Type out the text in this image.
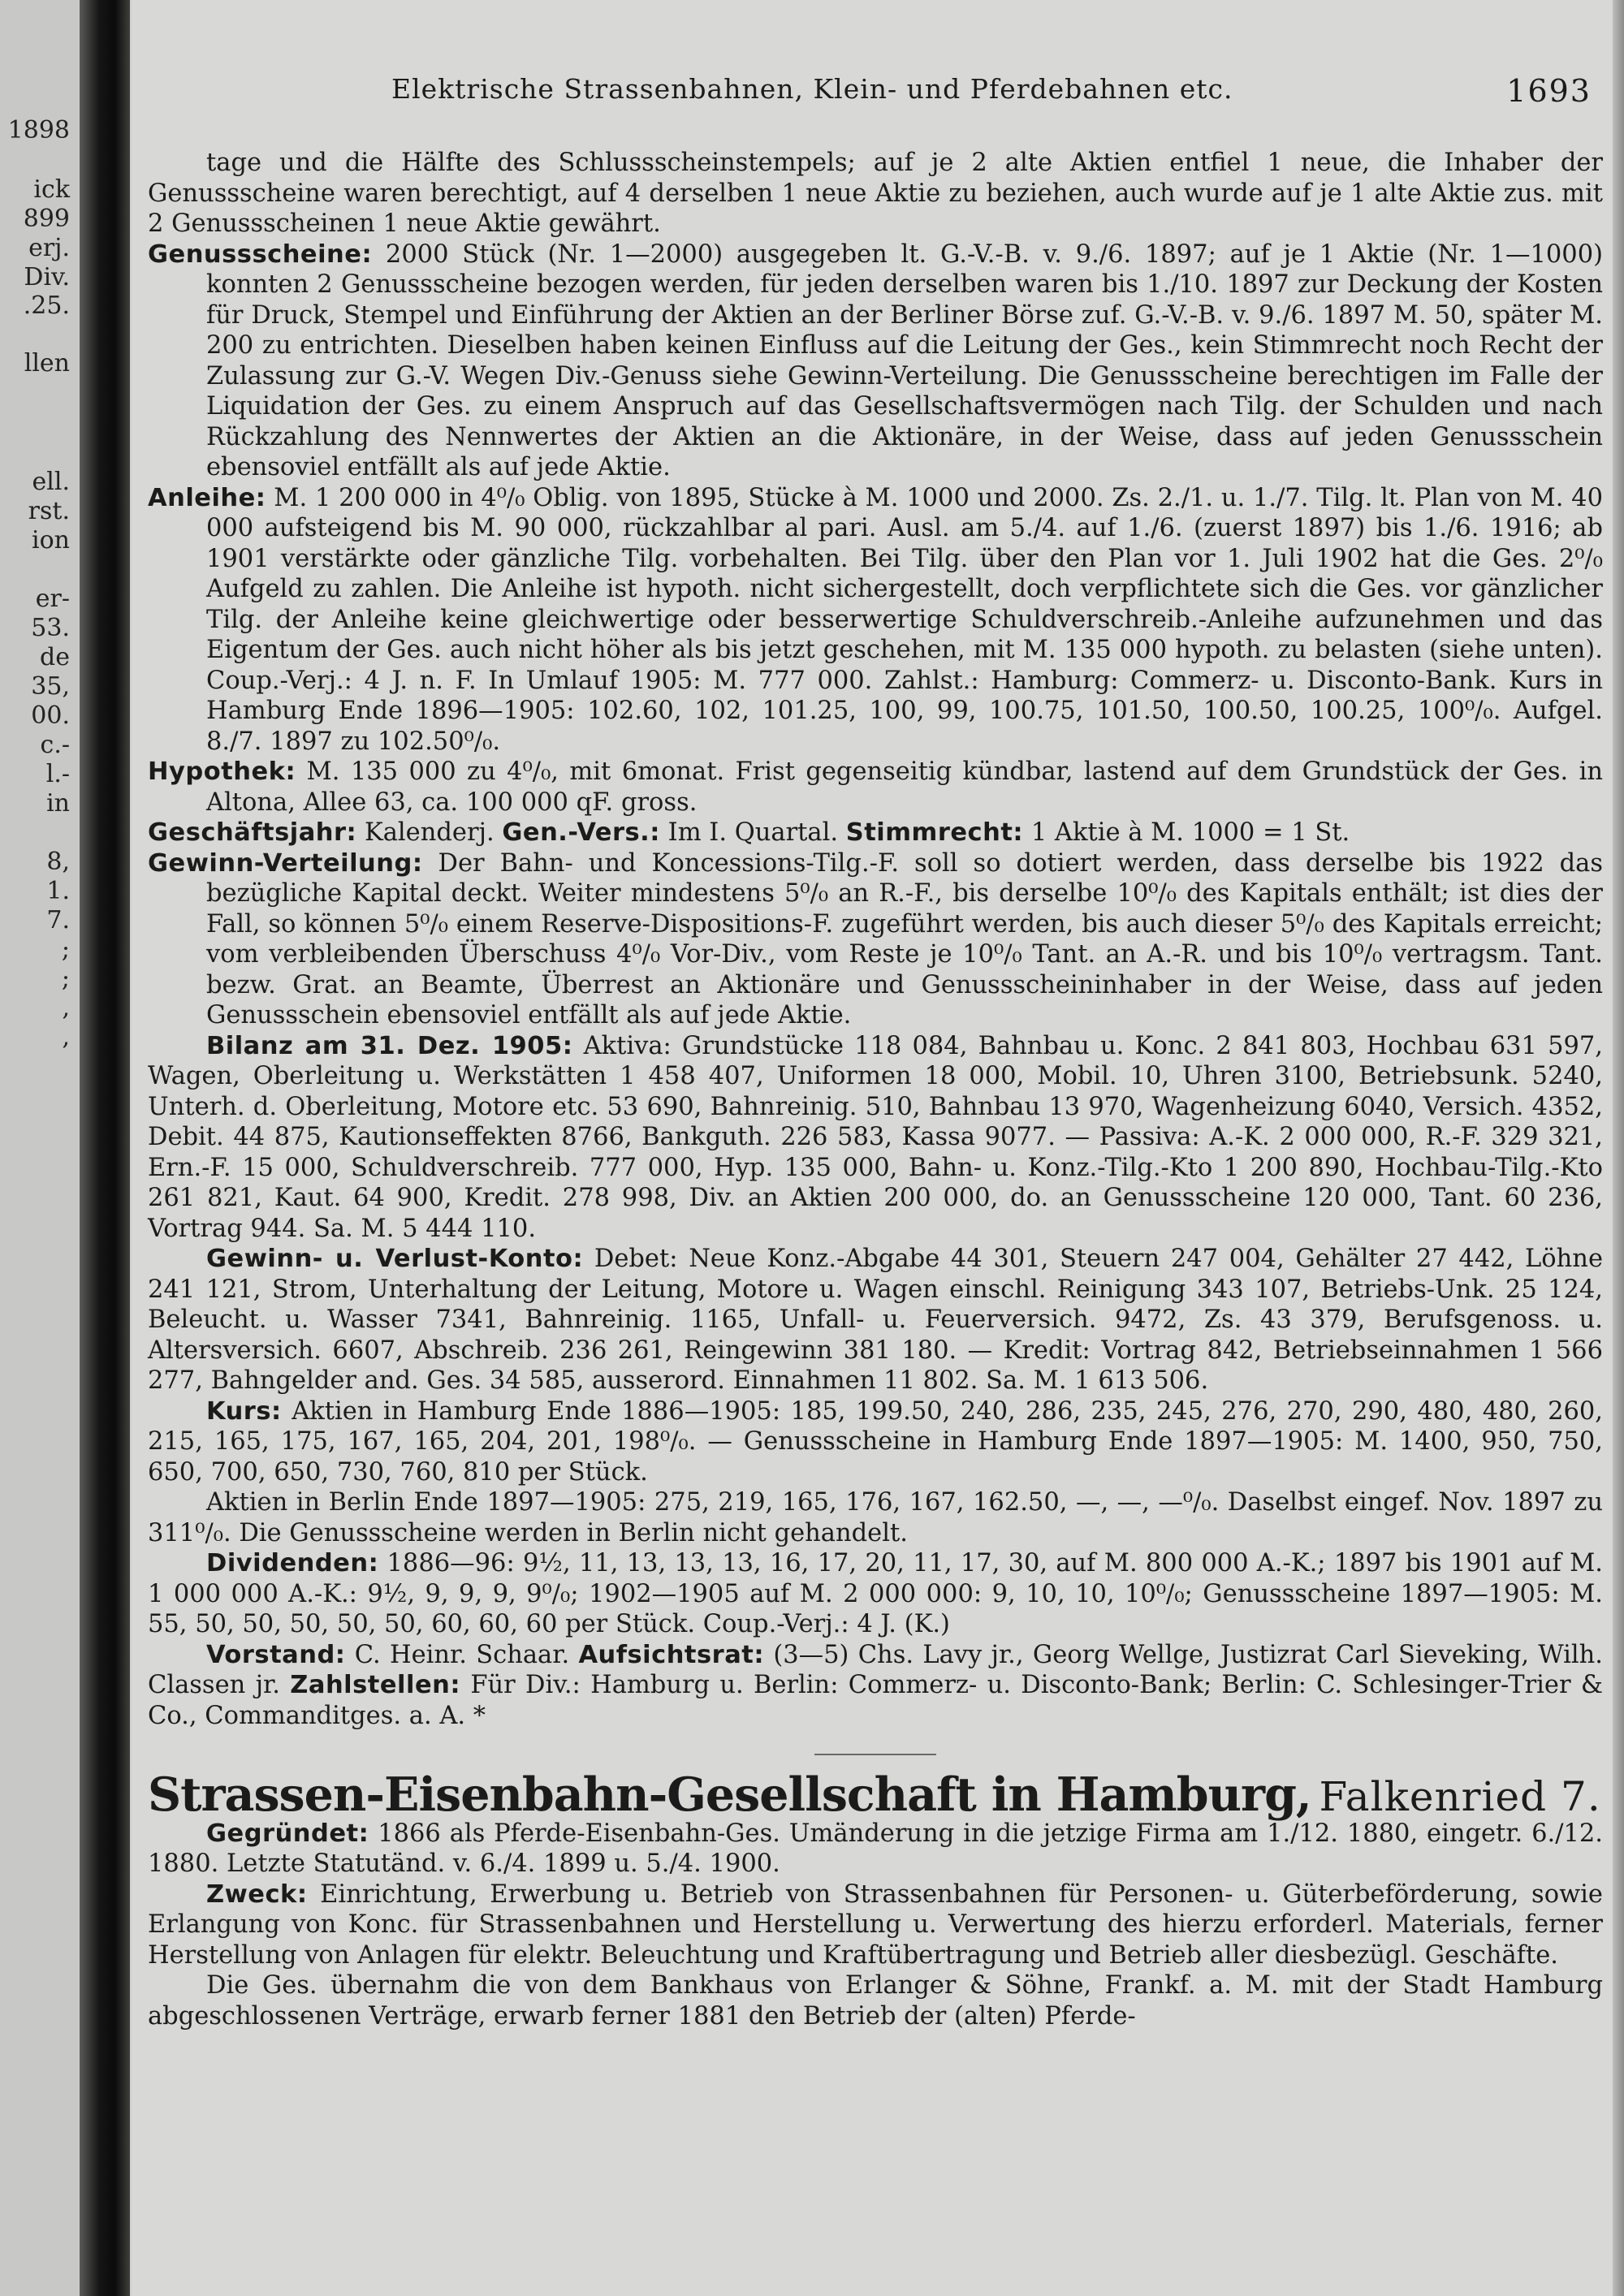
1898
ick
899
erj.
Div.
.25.
llen
ell.
rst.
ion
er-
53.
de
35,
00.
c.-
l.-
in
8,
1.
7.
;
;
,
,
Elektrische Strassenbahnen, Klein- und Pferdebahnen etc.	1693

tage und die Hälfte des Schlussscheinstempels; auf je 2 alte Aktien entfiel 1 neue, die Inhaber der Genussscheine waren berechtigt, auf 4 derselben 1 neue Aktie zu beziehen, auch wurde auf je 1 alte Aktie zus. mit 2 Genussscheinen 1 neue Aktie gewährt.

Genussscheine: 2000 Stück (Nr. 1—2000) ausgegeben lt. G.-V.-B. v. 9./6. 1897; auf je 1 Aktie (Nr. 1—1000) konnten 2 Genussscheine bezogen werden, für jeden derselben waren bis 1./10. 1897 zur Deckung der Kosten für Druck, Stempel und Einführung der Aktien an der Berliner Börse zuf. G.-V.-B. v. 9./6. 1897 M. 50, später M. 200 zu entrichten. Dieselben haben keinen Einfluss auf die Leitung der Ges., kein Stimmrecht noch Recht der Zulassung zur G.-V. Wegen Div.-Genuss siehe Gewinn-Verteilung. Die Genussscheine berechtigen im Falle der Liquidation der Ges. zu einem Anspruch auf das Gesellschaftsvermögen nach Tilg. der Schulden und nach Rückzahlung des Nennwertes der Aktien an die Aktionäre, in der Weise, dass auf jeden Genussschein ebensoviel entfällt als auf jede Aktie.

Anleihe: M. 1 200 000 in 4⁰/₀ Oblig. von 1895, Stücke à M. 1000 und 2000. Zs. 2./1. u. 1./7. Tilg. lt. Plan von M. 40 000 aufsteigend bis M. 90 000, rückzahlbar al pari. Ausl. am 5./4. auf 1./6. (zuerst 1897) bis 1./6. 1916; ab 1901 verstärkte oder gänzliche Tilg. vorbehalten. Bei Tilg. über den Plan vor 1. Juli 1902 hat die Ges. 2⁰/₀ Aufgeld zu zahlen. Die Anleihe ist hypoth. nicht sichergestellt, doch verpflichtete sich die Ges. vor gänzlicher Tilg. der Anleihe keine gleichwertige oder besserwertige Schuldverschreib.-Anleihe aufzunehmen und das Eigentum der Ges. auch nicht höher als bis jetzt geschehen, mit M. 135 000 hypoth. zu belasten (siehe unten). Coup.-Verj.: 4 J. n. F. In Umlauf 1905: M. 777 000. Zahlst.: Hamburg: Commerz- u. Disconto-Bank. Kurs in Hamburg Ende 1896—1905: 102.60, 102, 101.25, 100, 99, 100.75, 101.50, 100.50, 100.25, 100⁰/₀. Aufgel. 8./7. 1897 zu 102.50⁰/₀.

Hypothek: M. 135 000 zu 4⁰/₀, mit 6monat. Frist gegenseitig kündbar, lastend auf dem Grundstück der Ges. in Altona, Allee 63, ca. 100 000 qF. gross.

Geschäftsjahr: Kalenderj. Gen.-Vers.: Im I. Quartal. Stimmrecht: 1 Aktie à M. 1000 = 1 St.

Gewinn-Verteilung: Der Bahn- und Koncessions-Tilg.-F. soll so dotiert werden, dass derselbe bis 1922 das bezügliche Kapital deckt. Weiter mindestens 5⁰/₀ an R.-F., bis derselbe 10⁰/₀ des Kapitals enthält; ist dies der Fall, so können 5⁰/₀ einem Reserve-Dispositions-F. zugeführt werden, bis auch dieser 5⁰/₀ des Kapitals erreicht; vom verbleibenden Überschuss 4⁰/₀ Vor-Div., vom Reste je 10⁰/₀ Tant. an A.-R. und bis 10⁰/₀ vertragsm. Tant. bezw. Grat. an Beamte, Überrest an Aktionäre und Genussscheininhaber in der Weise, dass auf jeden Genussschein ebensoviel entfällt als auf jede Aktie.

Bilanz am 31. Dez. 1905: Aktiva: Grundstücke 118 084, Bahnbau u. Konc. 2 841 803, Hochbau 631 597, Wagen, Oberleitung u. Werkstätten 1 458 407, Uniformen 18 000, Mobil. 10, Uhren 3100, Betriebsunk. 5240, Unterh. d. Oberleitung, Motore etc. 53 690, Bahnreinig. 510, Bahnbau 13 970, Wagenheizung 6040, Versich. 4352, Debit. 44 875, Kautionseffekten 8766, Bankguth. 226 583, Kassa 9077. — Passiva: A.-K. 2 000 000, R.-F. 329 321, Ern.-F. 15 000, Schuldverschreib. 777 000, Hyp. 135 000, Bahn- u. Konz.-Tilg.-Kto 1 200 890, Hochbau-Tilg.-Kto 261 821, Kaut. 64 900, Kredit. 278 998, Div. an Aktien 200 000, do. an Genussscheine 120 000, Tant. 60 236, Vortrag 944. Sa. M. 5 444 110.

Gewinn- u. Verlust-Konto: Debet: Neue Konz.-Abgabe 44 301, Steuern 247 004, Gehälter 27 442, Löhne 241 121, Strom, Unterhaltung der Leitung, Motore u. Wagen einschl. Reinigung 343 107, Betriebs-Unk. 25 124, Beleucht. u. Wasser 7341, Bahnreinig. 1165, Unfall- u. Feuerversich. 9472, Zs. 43 379, Berufsgenoss. u. Altersversich. 6607, Abschreib. 236 261, Reingewinn 381 180. — Kredit: Vortrag 842, Betriebseinnahmen 1 566 277, Bahngelder and. Ges. 34 585, ausserord. Einnahmen 11 802. Sa. M. 1 613 506.

Kurs: Aktien in Hamburg Ende 1886—1905: 185, 199.50, 240, 286, 235, 245, 276, 270, 290, 480, 480, 260, 215, 165, 175, 167, 165, 204, 201, 198⁰/₀. — Genussscheine in Hamburg Ende 1897—1905: M. 1400, 950, 750, 650, 700, 650, 730, 760, 810 per Stück.

Aktien in Berlin Ende 1897—1905: 275, 219, 165, 176, 167, 162.50, —, —, —⁰/₀. Daselbst eingef. Nov. 1897 zu 311⁰/₀. Die Genussscheine werden in Berlin nicht gehandelt.

Dividenden: 1886—96: 9½, 11, 13, 13, 13, 16, 17, 20, 11, 17, 30, auf M. 800 000 A.-K.; 1897 bis 1901 auf M. 1 000 000 A.-K.: 9½, 9, 9, 9, 9⁰/₀; 1902—1905 auf M. 2 000 000: 9, 10, 10, 10⁰/₀; Genussscheine 1897—1905: M. 55, 50, 50, 50, 50, 50, 60, 60, 60 per Stück. Coup.-Verj.: 4 J. (K.)

Vorstand: C. Heinr. Schaar. Aufsichtsrat: (3—5) Chs. Lavy jr., Georg Wellge, Justizrat Carl Sieveking, Wilh. Classen jr. Zahlstellen: Für Div.: Hamburg u. Berlin: Commerz- u. Disconto-Bank; Berlin: C. Schlesinger-Trier & Co., Commanditges. a. A. *

Strassen-Eisenbahn-Gesellschaft in Hamburg, Falkenried 7.

Gegründet: 1866 als Pferde-Eisenbahn-Ges. Umänderung in die jetzige Firma am 1./12. 1880, eingetr. 6./12. 1880. Letzte Statutänd. v. 6./4. 1899 u. 5./4. 1900.

Zweck: Einrichtung, Erwerbung u. Betrieb von Strassenbahnen für Personen- u. Güterbeförderung, sowie Erlangung von Konc. für Strassenbahnen und Herstellung u. Verwertung des hierzu erforderl. Materials, ferner Herstellung von Anlagen für elektr. Beleuchtung und Kraftübertragung und Betrieb aller diesbezügl. Geschäfte.

Die Ges. übernahm die von dem Bankhaus von Erlanger & Söhne, Frankf. a. M. mit der Stadt Hamburg abgeschlossenen Verträge, erwarb ferner 1881 den Betrieb der (alten) Pferde-
